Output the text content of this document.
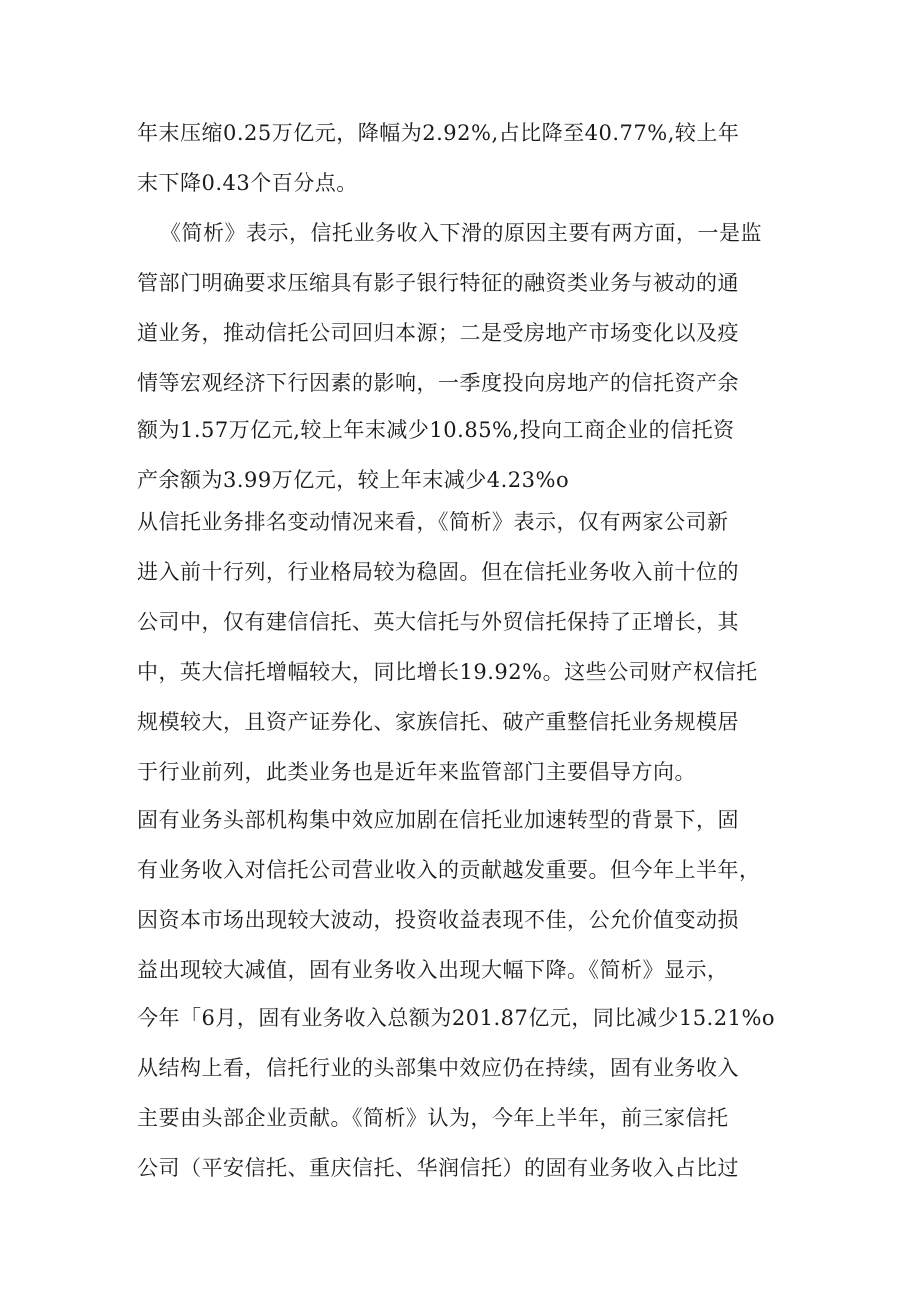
年末压缩0.25万亿元，降幅为2.92%,占比降至40.77%,较上年
末下降0.43个百分点。
《简析》表示，信托业务收入下滑的原因主要有两方面，一是监
管部门明确要求压缩具有影子银行特征的融资类业务与被动的通
道业务，推动信托公司回归本源；二是受房地产市场变化以及疫
情等宏观经济下行因素的影响，一季度投向房地产的信托资产余
额为1.57万亿元,较上年末减少10.85%,投向工商企业的信托资
产余额为3.99万亿元，较上年末减少4.23%o
从信托业务排名变动情况来看，《简析》表示，仅有两家公司新
进入前十行列，行业格局较为稳固。但在信托业务收入前十位的
公司中，仅有建信信托、英大信托与外贸信托保持了正增长，其
中，英大信托增幅较大，同比增长19.92%。这些公司财产权信托
规模较大，且资产证券化、家族信托、破产重整信托业务规模居
于行业前列，此类业务也是近年来监管部门主要倡导方向。
固有业务头部机构集中效应加剧在信托业加速转型的背景下，固
有业务收入对信托公司营业收入的贡献越发重要。但今年上半年，
因资本市场出现较大波动，投资收益表现不佳，公允价值变动损
益出现较大减值，固有业务收入出现大幅下降。《简析》显示，
今年「6月，固有业务收入总额为201.87亿元，同比减少15.21%o
从结构上看，信托行业的头部集中效应仍在持续，固有业务收入
主要由头部企业贡献。《简析》认为，今年上半年，前三家信托
公司（平安信托、重庆信托、华润信托）的固有业务收入占比过
